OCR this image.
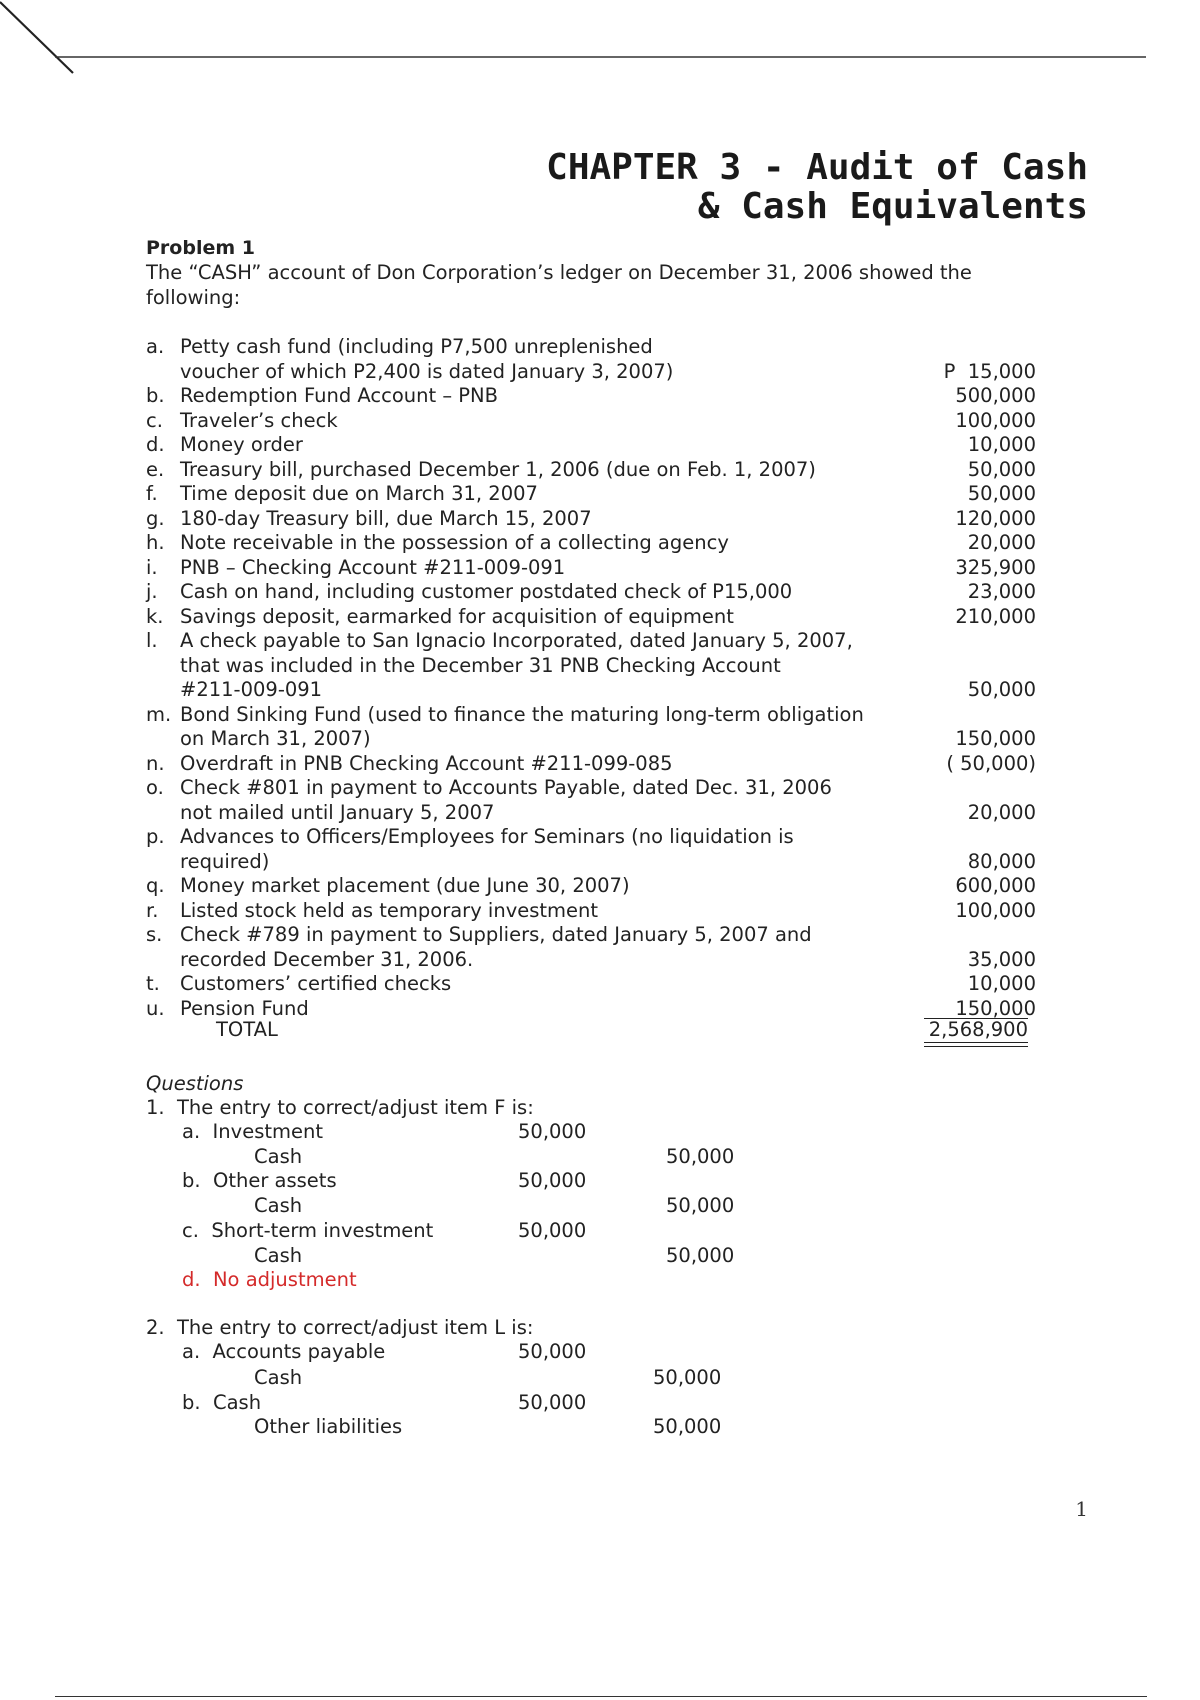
CHAPTER 3 - Audit of Cash
& Cash Equivalents
Problem 1
The “CASH” account of Don Corporation’s ledger on December 31, 2006 showed the following:
a. Petty cash fund (including P7,500 unreplenished
voucher of which P2,400 is dated January 3, 2007)	P  15,000
b. Redemption Fund Account – PNB	500,000
c. Traveler’s check	100,000
d. Money order	10,000
e. Treasury bill, purchased December 1, 2006 (due on Feb. 1, 2007)	50,000
f. Time deposit due on March 31, 2007	50,000
g. 180-day Treasury bill, due March 15, 2007	120,000
h. Note receivable in the possession of a collecting agency	20,000
i. PNB – Checking Account #211-009-091	325,900
j. Cash on hand, including customer postdated check of P15,000	23,000
k. Savings deposit, earmarked for acquisition of equipment	210,000
l. A check payable to San Ignacio Incorporated, dated January 5, 2007,
that was included in the December 31 PNB Checking Account
#211-009-091	50,000
m. Bond Sinking Fund (used to finance the maturing long-term obligation
on March 31, 2007)	150,000
n. Overdraft in PNB Checking Account #211-099-085	( 50,000)
o. Check #801 in payment to Accounts Payable, dated Dec. 31, 2006
not mailed until January 5, 2007	20,000
p. Advances to Officers/Employees for Seminars (no liquidation is
required)	80,000
q. Money market placement (due June 30, 2007)	600,000
r. Listed stock held as temporary investment	100,000
s. Check #789 in payment to Suppliers, dated January 5, 2007 and
recorded December 31, 2006.	35,000
t. Customers’ certified checks	10,000
u. Pension Fund	150,000
TOTAL	2,568,900
Questions
1.  The entry to correct/adjust item F is:
a.  Investment	50,000
Cash	50,000
b.  Other assets	50,000
Cash	50,000
c.  Short-term investment	50,000
Cash	50,000
d.  No adjustment
2.  The entry to correct/adjust item L is:
a.  Accounts payable	50,000
Cash	50,000
b.  Cash	50,000
Other liabilities	50,000
1
